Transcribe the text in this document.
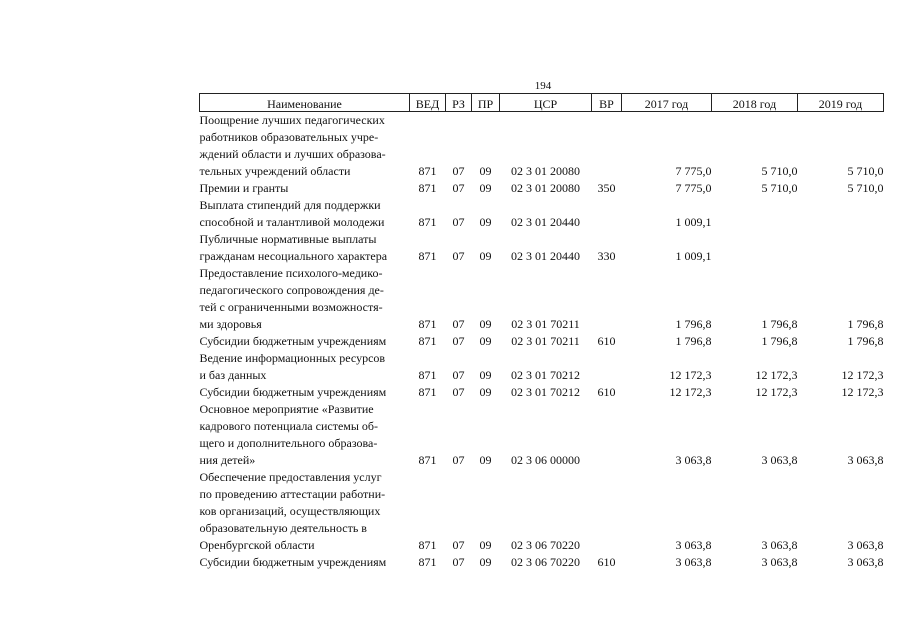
194
Наименование	ВЕД	РЗ	ПР	ЦСР	ВР	2017 год	2018 год	2019 год

Поощрение лучших педагогических
работников образовательных учре-
ждений области и лучших образова-
тельных учреждений области	871	07	09	02 3 01 20080		7 775,0	5 710,0	5 710,0

Премии и гранты	871	07	09	02 3 01 20080	350	7 775,0	5 710,0	5 710,0

Выплата стипендий для поддержки
способной и талантливой молодежи	871	07	09	02 3 01 20440		1 009,1		

Публичные нормативные выплаты
гражданам несоциального характера	871	07	09	02 3 01 20440	330	1 009,1		

Предоставление психолого-медико-
педагогического сопровождения де-
тей с ограниченными возможностя-
ми здоровья	871	07	09	02 3 01 70211		1 796,8	1 796,8	1 796,8

Субсидии бюджетным учреждениям	871	07	09	02 3 01 70211	610	1 796,8	1 796,8	1 796,8

Ведение информационных ресурсов
и баз данных	871	07	09	02 3 01 70212		12 172,3	12 172,3	12 172,3

Субсидии бюджетным учреждениям	871	07	09	02 3 01 70212	610	12 172,3	12 172,3	12 172,3

Основное мероприятие «Развитие
кадрового потенциала системы об-
щего и дополнительного образова-
ния детей»	871	07	09	02 3 06 00000		3 063,8	3 063,8	3 063,8

Обеспечение предоставления услуг
по проведению аттестации работни-
ков организаций, осуществляющих
образовательную деятельность в
Оренбургской области	871	07	09	02 3 06 70220		3 063,8	3 063,8	3 063,8

Субсидии бюджетным учреждениям	871	07	09	02 3 06 70220	610	3 063,8	3 063,8	3 063,8
